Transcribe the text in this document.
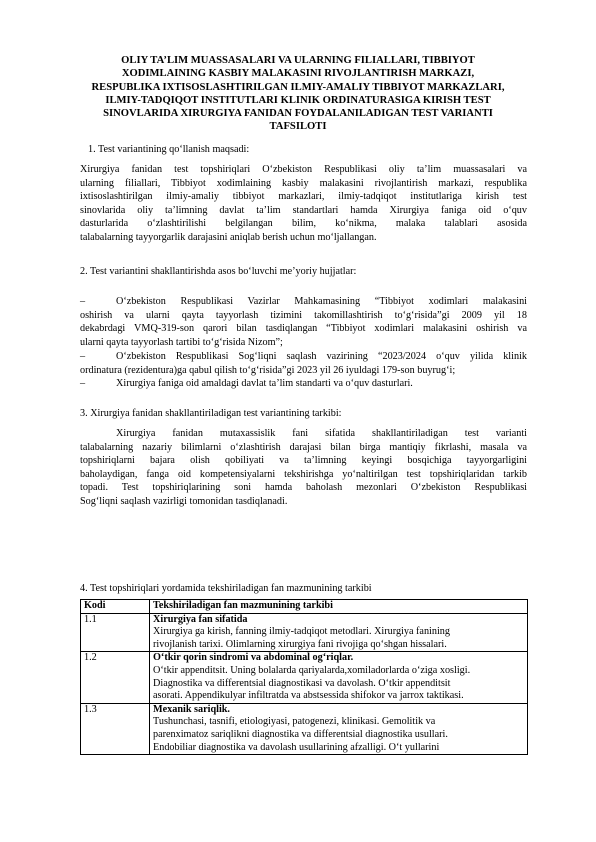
OLIY TA’LIM MUASSASALARI VA ULARNING FILIALLARI, TIBBIYOT
XODIMLAINING KASBIY MALAKASINI RIVOJLANTIRISH MARKAZI,
RESPUBLIKA IXTISOSLASHTIRILGAN ILMIY-AMALIY TIBBIYOT MARKAZLARI,
ILMIY-TADQIQOT INSTITUTLARI KLINIK ORDINATURASIGA KIRISH TEST
SINOVLARIDA XIRURGIYA FANIDAN FOYDALANILADIGAN TEST VARIANTI
TAFSILOTI
1. Test variantining qo‘llanish maqsadi:
Xirurgiya fanidan test topshiriqlari O‘zbekiston Respublikasi oliy ta’lim muassasalari va
ularning filiallari, Tibbiyot xodimlaining kasbiy malakasini rivojlantirish markazi, respublika
ixtisoslashtirilgan ilmiy-amaliy tibbiyot markazlari, ilmiy-tadqiqot institutlariga kirish test
sinovlarida oliy ta’limning davlat ta’lim standartlari hamda Xirurgiya faniga oid o‘quv
dasturlarida o‘zlashtirilishi belgilangan bilim, ko‘nikma, malaka talablari asosida
talabalarning tayyorgarlik darajasini aniqlab berish uchun mo‘ljallangan.
2. Test variantini shakllantirishda asos bo‘luvchi me’yoriy hujjatlar:
–	O‘zbekiston Respublikasi Vazirlar Mahkamasining “Tibbiyot xodimlari malakasini
oshirish va ularni qayta tayyorlash tizimini takomillashtirish to‘g‘risida”gi 2009 yil 18
dekabrdagi VMQ-319-son qarori bilan tasdiqlangan “Tibbiyot xodimlari malakasini oshirish va
ularni qayta tayyorlash tartibi to‘g‘risida Nizom”;
–	O‘zbekiston Respublikasi Sog‘liqni saqlash vazirining “2023/2024 o‘quv yilida klinik
ordinatura (rezidentura)ga qabul qilish to‘g‘risida”gi 2023 yil 26 iyuldagi 179-son buyrug‘i;
–	Xirurgiya faniga oid amaldagi davlat ta’lim standarti va o‘quv dasturlari.
3. Xirurgiya fanidan shakllantiriladigan test variantining tarkibi:
Xirurgiya fanidan mutaxassislik fani sifatida shakllantiriladigan test varianti
talabalarning nazariy bilimlarni o‘zlashtirish darajasi bilan birga mantiqiy fikrlashi, masala va
topshiriqlarni bajara olish qobiliyati va ta’limning keyingi bosqichiga tayyorgarligini
baholaydigan, fanga oid kompetensiyalarni tekshirishga yo‘naltirilgan test topshiriqlaridan tarkib
topadi. Test topshiriqlarining soni hamda baholash mezonlari O‘zbekiston Respublikasi
Sog‘liqni saqlash vazirligi tomonidan tasdiqlanadi.
4. Test topshiriqlari yordamida tekshiriladigan fan mazmunining tarkibi
Kodi	Tekshiriladigan fan mazmunining tarkibi
1.1	Xirurgiya fan sifatida
Xirurgiya ga kirish, fanning ilmiy-tadqiqot metodlari. Xirurgiya fanining
rivojlanish tarixi. Olimlarning xirurgiya fani rivojiga qo‘shgan hissalari.

1.2	O‘tkir qorin sindromi va abdominal og‘riqlar.
O‘tkir appenditsit. Uning bolalarda qariyalarda,xomiladorlarda o‘ziga xosligi.
Diagnostika va differentsial diagnostikasi va davolash. O‘tkir appenditsit
asorati. Appendikulyar infiltratda va abstsessida shifokor va jarrox taktikasi.

1.3	Mexanik sariqlik.
Tushunchasi, tasnifi, etiologiyasi, patogenezi, klinikasi. Gemolitik va
parenximatoz sariqlikni diagnostika va differentsial diagnostika usullari.
Endobiliar diagnostika va davolash usullarining afzalligi. O‘t yullarini
